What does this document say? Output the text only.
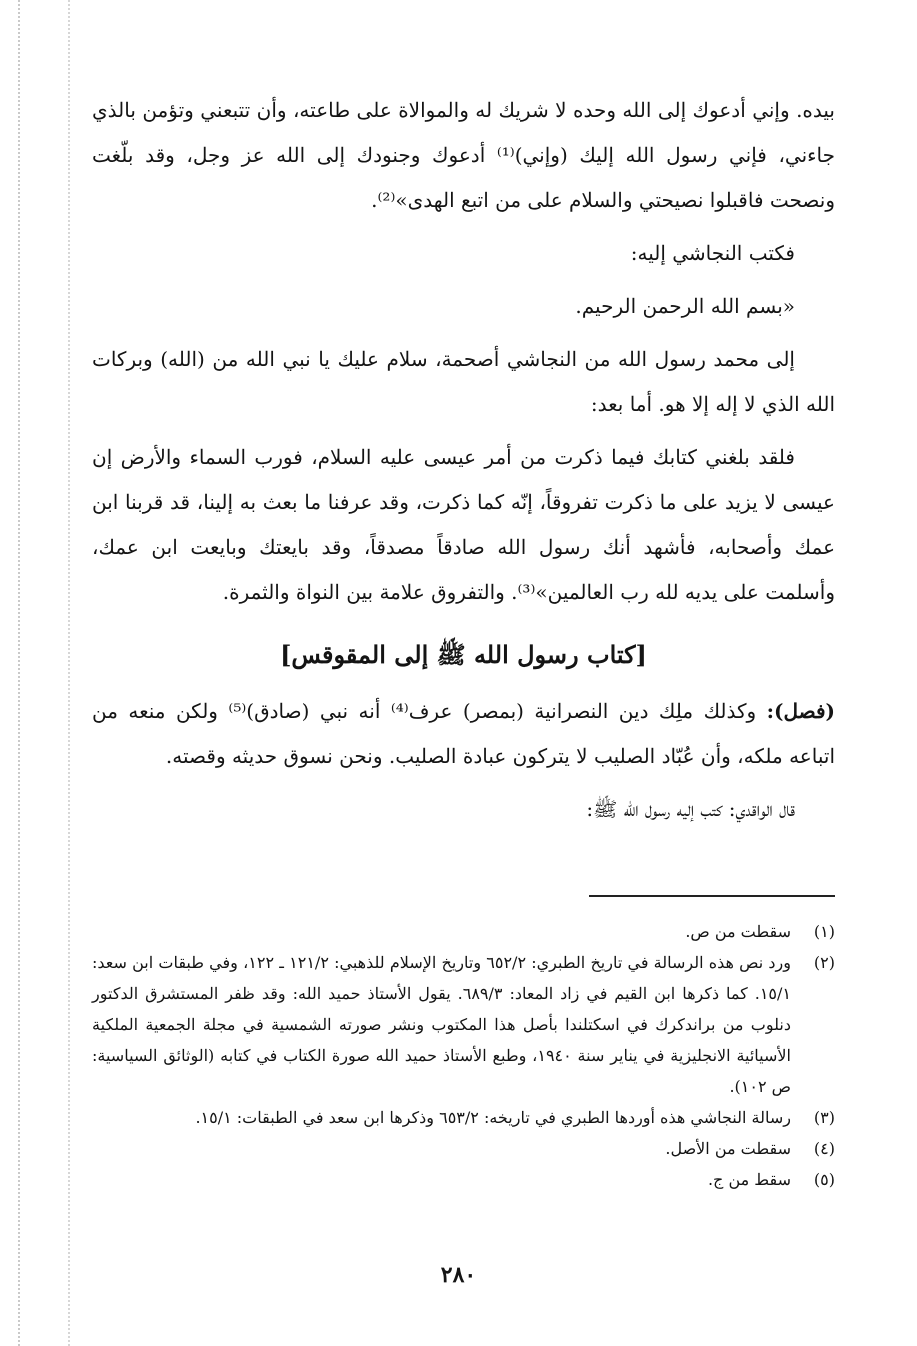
بيده. وإني أدعوك إلى الله وحده لا شريك له والموالاة على طاعته، وأن تتبعني وتؤمن بالذي جاءني، فإني رسول الله إليك (وإني)⁽¹⁾ أدعوك وجنودك إلى الله عز وجل، وقد بلّغت ونصحت فاقبلوا نصيحتي والسلام على من اتبع الهدى»⁽²⁾.

فكتب النجاشي إليه:

«بسم الله الرحمن الرحيم.

إلى محمد رسول الله من النجاشي أصحمة، سلام عليك يا نبي الله من (الله) وبركات الله الذي لا إله إلا هو. أما بعد:

فلقد بلغني كتابك فيما ذكرت من أمر عيسى عليه السلام، فورب السماء والأرض إن عيسى لا يزيد على ما ذكرت تفروقاً، إنّه كما ذكرت، وقد عرفنا ما بعث به إلينا، قد قربنا ابن عمك وأصحابه، فأشهد أنك رسول الله صادقاً مصدقاً، وقد بايعتك وبايعت ابن عمك، وأسلمت على يديه لله رب العالمين»⁽³⁾. والتفروق علامة بين النواة والثمرة.

[كتاب رسول الله ﷺ إلى المقوقس]

(فصل): وكذلك ملِك دين النصرانية (بمصر) عرف⁽⁴⁾ أنه نبي (صادق)⁽⁵⁾ ولكن منعه من اتباعه ملكه، وأن عُبّاد الصليب لا يتركون عبادة الصليب. ونحن نسوق حديثه وقصته.

قال الواقدي: كتب إليه رسول الله ﷺ:

(١)
سقطت من ص.
(٢)
ورد نص هذه الرسالة في تاريخ الطبري: ٦٥٢/٢ وتاريخ الإسلام للذهبي: ١٢١/٢ ـ ١٢٢، وفي طبقات ابن سعد: ١٥/١. كما ذكرها ابن القيم في زاد المعاد: ٦٨٩/٣. يقول الأستاذ حميد الله: وقد ظفر المستشرق الدكتور دنلوب من براندكرك في اسكتلندا بأصل هذا المكتوب ونشر صورته الشمسية في مجلة الجمعية الملكية الأسيائية الانجليزية في يناير سنة ١٩٤٠، وطبع الأستاذ حميد الله صورة الكتاب في كتابه (الوثائق السياسية: ص ١٠٢).
(٣)
رسالة النجاشي هذه أوردها الطبري في تاريخه: ٦٥٣/٢ وذكرها ابن سعد في الطبقات: ١٥/١.
(٤)
سقطت من الأصل.
(٥)
سقط من ج.
٢٨٠
